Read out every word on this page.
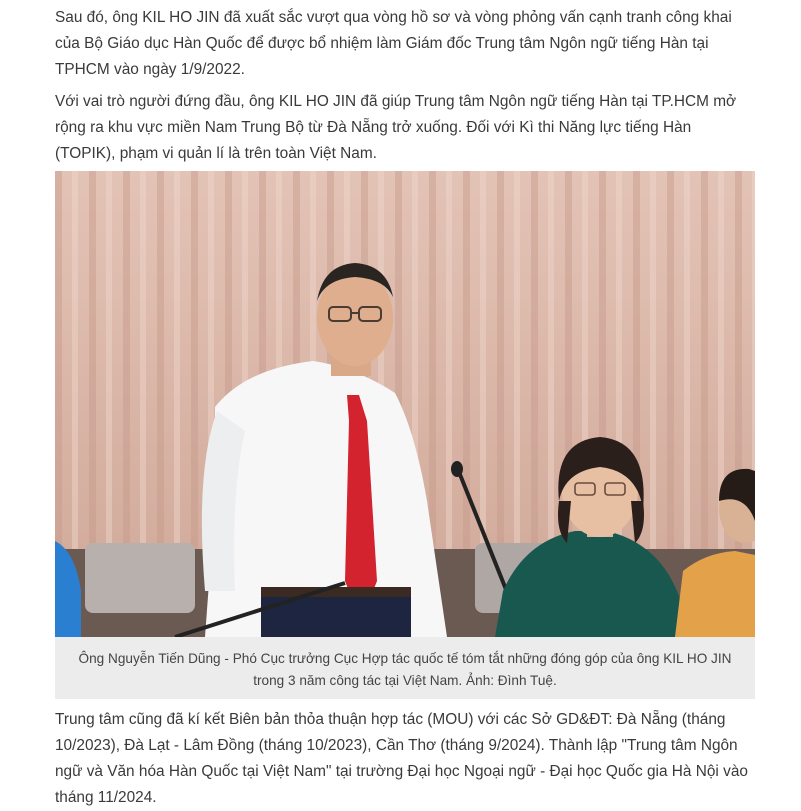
Sau đó, ông KIL HO JIN đã xuất sắc vượt qua vòng hồ sơ và vòng phỏng vấn cạnh tranh công khai của Bộ Giáo dục Hàn Quốc để được bổ nhiệm làm Giám đốc Trung tâm Ngôn ngữ tiếng Hàn tại TPHCM vào ngày 1/9/2022.

Với vai trò người đứng đầu, ông KIL HO JIN đã giúp Trung tâm Ngôn ngữ tiếng Hàn tại TP.HCM mở rộng ra khu vực miền Nam Trung Bộ từ Đà Nẵng trở xuống. Đối với Kì thi Năng lực tiếng Hàn (TOPIK), phạm vi quản lí là trên toàn Việt Nam.

Ông Nguyễn Tiến Dũng - Phó Cục trưởng Cục Hợp tác quốc tế tóm tắt những đóng góp của ông KIL HO JIN trong 3 năm công tác tại Việt Nam. Ảnh: Đình Tuệ.

Trung tâm cũng đã kí kết Biên bản thỏa thuận hợp tác (MOU) với các Sở GD&ĐT: Đà Nẵng (tháng 10/2023), Đà Lạt - Lâm Đồng (tháng 10/2023), Cần Thơ (tháng 9/2024). Thành lập "Trung tâm Ngôn ngữ và Văn hóa Hàn Quốc tại Việt Nam" tại trường Đại học Ngoại ngữ - Đại học Quốc gia Hà Nội vào tháng 11/2024.
